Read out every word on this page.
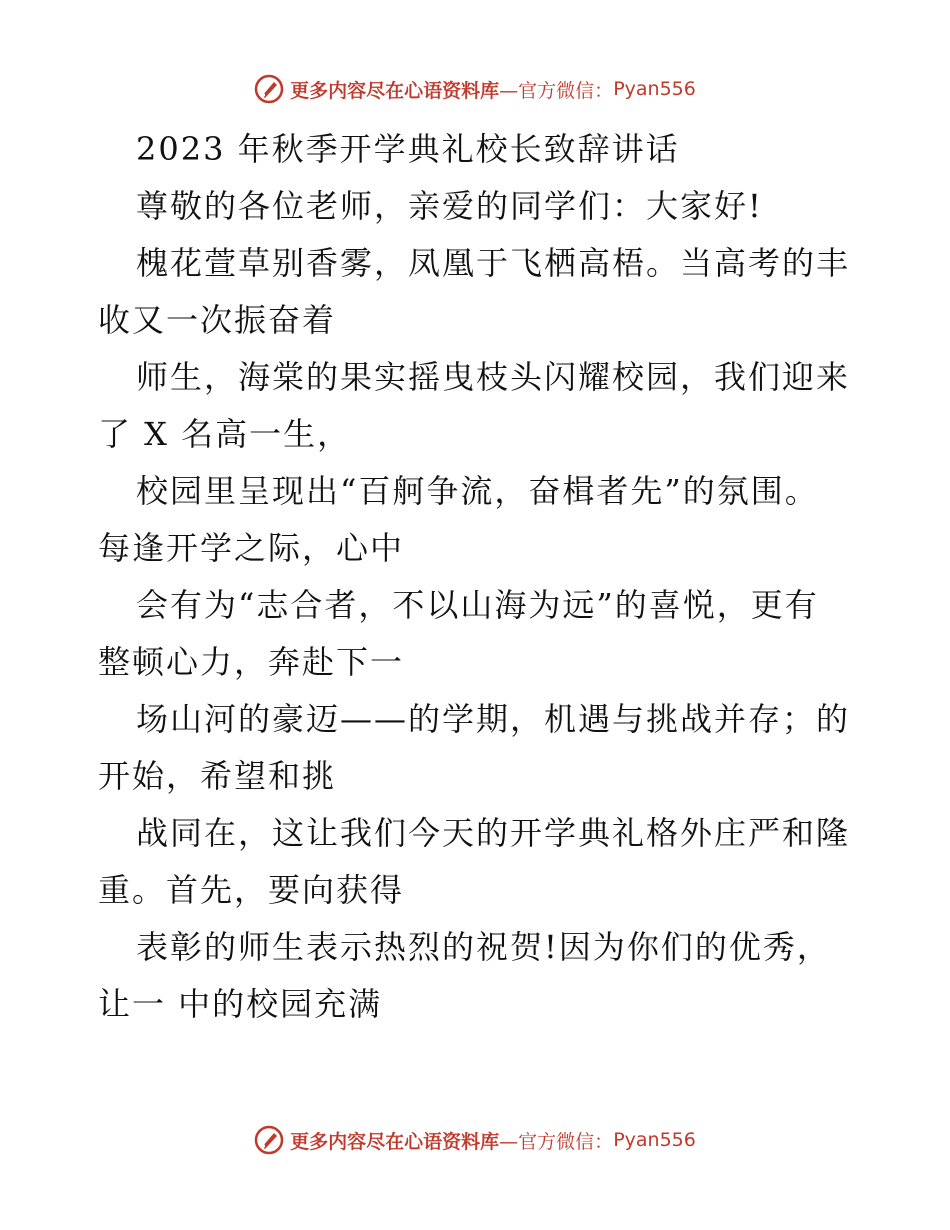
更多内容尽在心语资料库 —官方微信： Pyan556
2023 年秋季开学典礼校长致辞讲话
尊敬的各位老师，亲爱的同学们：大家好!
槐花萱草别香雾，凤凰于飞栖高梧。当高考的丰
收又一次振奋着
师生，海棠的果实摇曳枝头闪耀校园，我们迎来
了 X 名高一生，
校园里呈现出“百舸争流，奋楫者先”的氛围。
每逢开学之际，心中
会有为“志合者，不以山海为远”的喜悦，更有
整顿心力，奔赴下一
场山河的豪迈——的学期，机遇与挑战并存；的
开始，希望和挑
战同在，这让我们今天的开学典礼格外庄严和隆
重。首先，要向获得
表彰的师生表示热烈的祝贺!因为你们的优秀，
让一 中的校园充满
更多内容尽在心语资料库 —官方微信： Pyan556
